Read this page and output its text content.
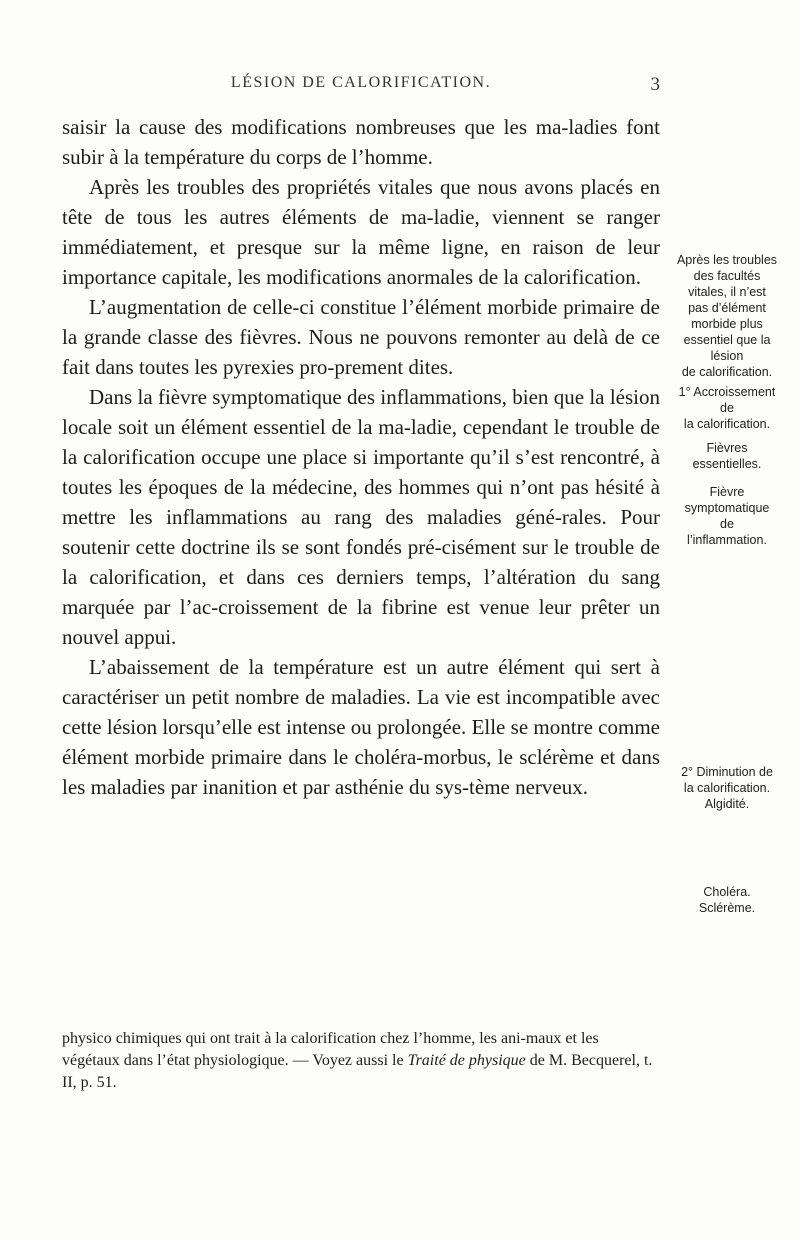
LÉSION DE CALORIFICATION.	3

saisir la cause des modifications nombreuses que les ma-ladies font subir à la température du corps de l’homme.

Après les troubles des propriétés vitales que nous avons placés en tête de tous les autres éléments de ma-ladie, viennent se ranger immédiatement, et presque sur la même ligne, en raison de leur importance capitale, les modifications anormales de la calorification.

L’augmentation de celle-ci constitue l’élément morbide primaire de la grande classe des fièvres. Nous ne pouvons remonter au delà de ce fait dans toutes les pyrexies pro-prement dites.

Dans la fièvre symptomatique des inflammations, bien que la lésion locale soit un élément essentiel de la ma-ladie, cependant le trouble de la calorification occupe une place si importante qu’il s’est rencontré, à toutes les époques de la médecine, des hommes qui n’ont pas hésité à mettre les inflammations au rang des maladies géné-rales. Pour soutenir cette doctrine ils se sont fondés pré-cisément sur le trouble de la calorification, et dans ces derniers temps, l’altération du sang marquée par l’ac-croissement de la fibrine est venue leur prêter un nouvel appui.

L’abaissement de la température est un autre élément qui sert à caractériser un petit nombre de maladies. La vie est incompatible avec cette lésion lorsqu’elle est intense ou prolongée. Elle se montre comme élément morbide primaire dans le choléra-morbus, le sclérème et dans les maladies par inanition et par asthénie du sys-tème nerveux.

Après les troubles
des facultés
vitales, il n’est
pas d’élément
morbide plus
essentiel que la
lésion
de calorification.
1° Accroissement
de
la calorification.
Fièvres
essentielles.
Fièvre
symptomatique
de
l’inflammation.
2° Diminution de
la calorification.
Algidité.
Choléra.
Sclérème.
physico chimiques qui ont trait à la calorification chez l’homme, les ani-maux et les végétaux dans l’état physiologique. — Voyez aussi le Traité de physique de M. Becquerel, t. II, p. 51.
